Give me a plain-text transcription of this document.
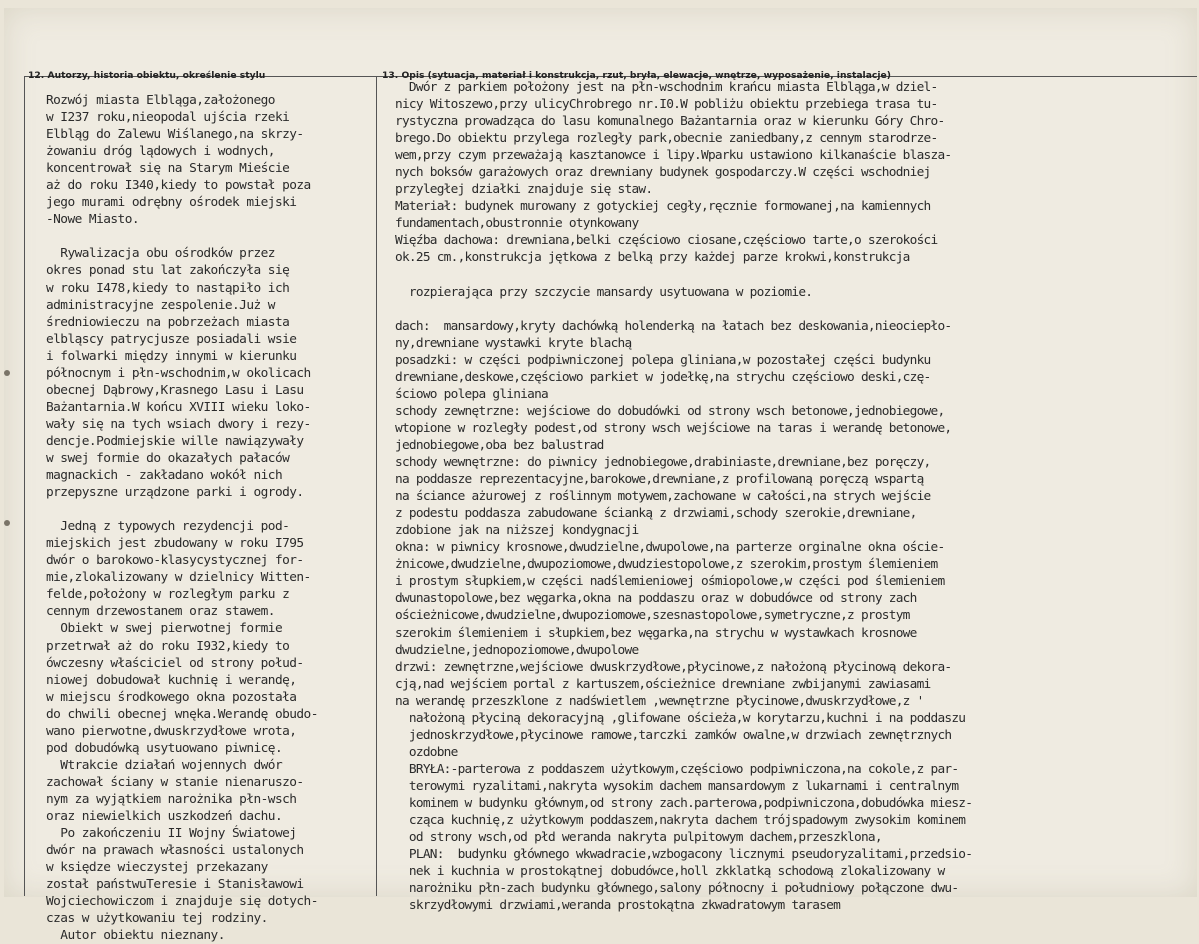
12. Autorzy, historia obiektu, określenie stylu	13. Opis (sytuacja, materiał i konstrukcja, rzut, bryła, elewacje, wnętrze, wyposażenie, instalacje)
Rozwój miasta Elbląga,założonego
w I237 roku,nieopodal ujścia rzeki
Elbląg do Zalewu Wiślanego,na skrzy-
żowaniu dróg lądowych i wodnych,
koncentrował się na Starym Mieście
aż do roku I340,kiedy to powstał poza
jego murami odrębny ośrodek miejski
-Nowe Miasto.
Rywalizacja obu ośrodków przez
okres ponad stu lat zakończyła się
w roku I478,kiedy to nastąpiło ich
administracyjne zespolenie.Już w
średniowieczu na pobrzeżach miasta
elbląscy patrycjusze posiadali wsie
i folwarki między innymi w kierunku
północnym i płn-wschodnim,w okolicach
obecnej Dąbrowy,Krasnego Lasu i Lasu
Bażantarnia.W końcu XVIII wieku loko-
wały się na tych wsiach dwory i rezy-
dencje.Podmiejskie wille nawiązywały
w swej formie do okazałych pałaców
magnackich - zakładano wokół nich
przepyszne urządzone parki i ogrody.
Jedną z typowych rezydencji pod-
miejskich jest zbudowany w roku I795
dwór o barokowo-klasycystycznej for-
mie,zlokalizowany w dzielnicy Witten-
felde,położony w rozległym parku z
cennym drzewostanem oraz stawem.
Obiekt w swej pierwotnej formie
przetrwał aż do roku I932,kiedy to
ówczesny właściciel od strony połud-
niowej dobudował kuchnię i werandę,
w miejscu środkowego okna pozostała
do chwili obecnej wnęka.Werandę obudo-
wano pierwotne,dwuskrzydłowe wrota,
pod dobudówką usytuowano piwnicę.
Wtrakcie działań wojennych dwór
zachował ściany w stanie nienaruszo-
nym za wyjątkiem narożnika płn-wsch
oraz niewielkich uszkodzeń dachu.
Po zakończeniu II Wojny Światowej
dwór na prawach własności ustalonych
w księdze wieczystej przekazany
został państwuTeresie i Stanisławowi
Wojciechowiczom i znajduje się dotych-
czas w użytkowaniu tej rodziny.
Autor obiektu nieznany.
Dwór z parkiem położony jest na płn-wschodnim krańcu miasta Elbląga,w dziel-
nicy Witoszewo,przy ulicyChrobrego nr.I0.W pobliżu obiektu przebiega trasa tu-
rystyczna prowadząca do lasu komunalnego Bażantarnia oraz w kierunku Góry Chro-
brego.Do obiektu przylega rozległy park,obecnie zaniedbany,z cennym starodrze-
wem,przy czym przeważają kasztanowce i lipy.Wparku ustawiono kilkanaście blasza-
nych boksów garażowych oraz drewniany budynek gospodarczy.W części wschodniej
przyległej działki znajduje się staw.
Materiał: budynek murowany z gotyckiej cegły,ręcznie formowanej,na kamiennych
fundamentach,obustronnie otynkowany
Więźba dachowa: drewniana,belki częściowo ciosane,częściowo tarte,o szerokości
ok.25 cm.,konstrukcja jętkowa z belką przy każdej parze krokwi,konstrukcja
rozpierająca przy szczycie mansardy usytuowana w poziomie.
dach:  mansardowy,kryty dachówką holenderką na łatach bez deskowania,nieociepło-
ny,drewniane wystawki kryte blachą
posadzki: w części podpiwniczonej polepa gliniana,w pozostałej części budynku
drewniane,deskowe,częściowo parkiet w jodełkę,na strychu częściowo deski,czę-
ściowo polepa gliniana
schody zewnętrzne: wejściowe do dobudówki od strony wsch betonowe,jednobiegowe,
wtopione w rozległy podest,od strony wsch wejściowe na taras i werandę betonowe,
jednobiegowe,oba bez balustrad
schody wewnętrzne: do piwnicy jednobiegowe,drabiniaste,drewniane,bez poręczy,
na poddasze reprezentacyjne,barokowe,drewniane,z profilowaną poręczą wspartą
na ściance ażurowej z roślinnym motywem,zachowane w całości,na strych wejście
z podestu poddasza zabudowane ścianką z drzwiami,schody szerokie,drewniane,
zdobione jak na niższej kondygnacji
okna: w piwnicy krosnowe,dwudzielne,dwupolowe,na parterze orginalne okna oście-
żnicowe,dwudzielne,dwupoziomowe,dwudziestopolowe,z szerokim,prostym ślemieniem
i prostym słupkiem,w części nadślemieniowej ośmiopolowe,w części pod ślemieniem
dwunastopolowe,bez węgarka,okna na poddaszu oraz w dobudówce od strony zach
ościeżnicowe,dwudzielne,dwupoziomowe,szesnastopolowe,symetryczne,z prostym
szerokim ślemieniem i słupkiem,bez węgarka,na strychu w wystawkach krosnowe
dwudzielne,jednopoziomowe,dwupolowe
drzwi: zewnętrzne,wejściowe dwuskrzydłowe,płycinowe,z nałożoną płycinową dekora-
cją,nad wejściem portal z kartuszem,ościeżnice drewniane zwbijanymi zawiasami
na werandę przeszklone z nadświetlem ,wewnętrzne płycinowe,dwuskrzydłowe,z '
nałożoną płyciną dekoracyjną ,glifowane ościeża,w korytarzu,kuchni i na poddaszu
jednoskrzydłowe,płycinowe ramowe,tarczki zamków owalne,w drzwiach zewnętrznych
ozdobne
BRYŁA:-parterowa z poddaszem użytkowym,częściowo podpiwniczona,na cokole,z par-
terowymi ryzalitami,nakryta wysokim dachem mansardowym z lukarnami i centralnym
kominem w budynku głównym,od strony zach.parterowa,podpiwniczona,dobudówka miesz-
cząca kuchnię,z użytkowym poddaszem,nakryta dachem trójspadowym zwysokim kominem
od strony wsch,od płd weranda nakryta pulpitowym dachem,przeszklona,
PLAN:  budynku głównego wkwadracie,wzbogacony licznymi pseudoryzalitami,przedsio-
nek i kuchnia w prostokątnej dobudówce,holl zkklatką schodową zlokalizowany w
narożniku płn-zach budynku głównego,salony północny i południowy połączone dwu-
skrzydłowymi drzwiami,weranda prostokątna zkwadratowym tarasem
